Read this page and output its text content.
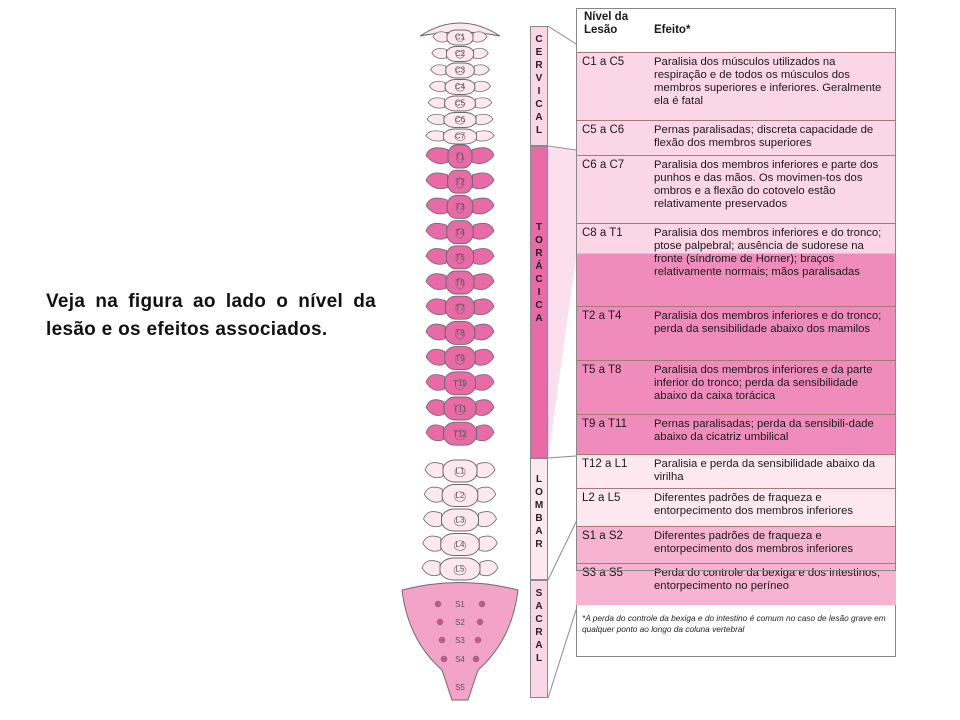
Veja na figura ao lado o nível da lesão e os efeitos associados.
C1
C2
C3
C4
C5
C6
C7
T1
T2
T3
T4
T5
T6
T7
T8
T9
T10
T11
T12
L1
L2
L3
L4
L5
S1
S2
S3
S4
S5
C
E
R
V
I
C
A
L
T
O
R
Á
C
I
C
A
L
O
M
B
A
R
S
A
C
R
A
L
Nível da Lesão	Efeito*
C1 a C5	Paralisia dos músculos utilizados na respiração e de todos os músculos dos membros superiores e inferiores. Geralmente ela é fatal
C5 a C6	Pernas paralisadas; discreta capacidade de flexão dos membros superiores
C6 a C7	Paralisia dos membros inferiores e parte dos punhos e das mãos. Os movimen-tos dos ombros e a flexão do cotovelo estão relativamente preservados
C8 a T1	Paralisia dos membros inferiores e do tronco; ptose palpebral; ausência de sudorese na fronte (síndrome de Horner); braços relativamente normais; mãos paralisadas
T2 a T4	Paralisia dos membros inferiores e do tronco; perda da sensibilidade abaixo dos mamilos
T5 a T8	Paralisia dos membros inferiores e da parte inferior do tronco; perda da sensibilidade abaixo da caixa torácica
T9 a T11 Pernas paralisadas; perda da sensibili-dade abaixo da cicatriz umbilical
T12 a L1 Paralisia e perda da sensibilidade abaixo da virilha
L2 a L5	Diferentes padrões de fraqueza e entorpecimento dos membros inferiores
S1 a S2	Diferentes padrões de fraqueza e entorpecimento dos membros inferiores
S3 a S5	Perda do controle da bexiga e dos intestinos; entorpecimento no períneo
*A perda do controle da bexiga e do intestino é comum no caso de lesão grave em qualquer ponto ao longo da coluna vertebral
